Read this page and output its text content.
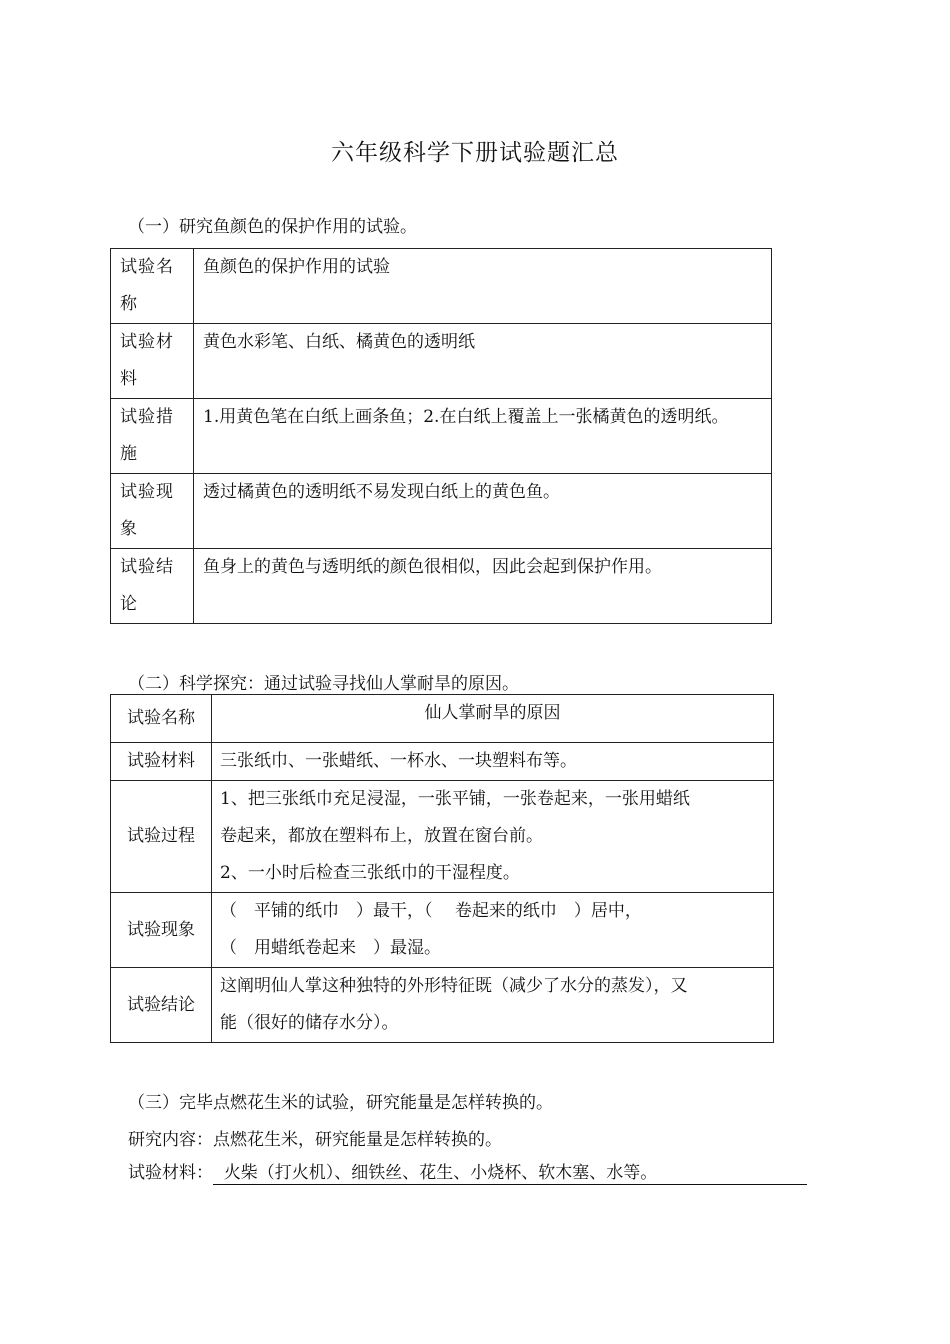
六年级科学下册试验题汇总
（一）研究鱼颜色的保护作用的试验。
试验名
称	鱼颜色的保护作用的试验
试验材
料	黄色水彩笔、白纸、橘黄色的透明纸
试验措
施	1.用黄色笔在白纸上画条鱼；2.在白纸上覆盖上一张橘黄色的透明纸。
试验现
象	透过橘黄色的透明纸不易发现白纸上的黄色鱼。
试验结
论	鱼身上的黄色与透明纸的颜色很相似，因此会起到保护作用。
（二）科学探究：通过试验寻找仙人掌耐旱的原因。
试验名称	仙人掌耐旱的原因
试验材料	三张纸巾、一张蜡纸、一杯水、一块塑料布等。
试验过程	1、把三张纸巾充足浸湿，一张平铺，一张卷起来，一张用蜡纸
卷起来，都放在塑料布上，放置在窗台前。
2、一小时后检查三张纸巾的干湿程度。
试验现象	（　平铺的纸巾　）最干，（　 卷起来的纸巾　）居中，
（　用蜡纸卷起来　）最湿。
试验结论	这阐明仙人掌这种独特的外形特征既（减少了水分的蒸发），又
能（很好的储存水分）。
（三）完毕点燃花生米的试验，研究能量是怎样转换的。
研究内容：点燃花生米，研究能量是怎样转换的。
试验材料： 火柴（打火机）、细铁丝、花生、小烧杯、软木塞、水等。
